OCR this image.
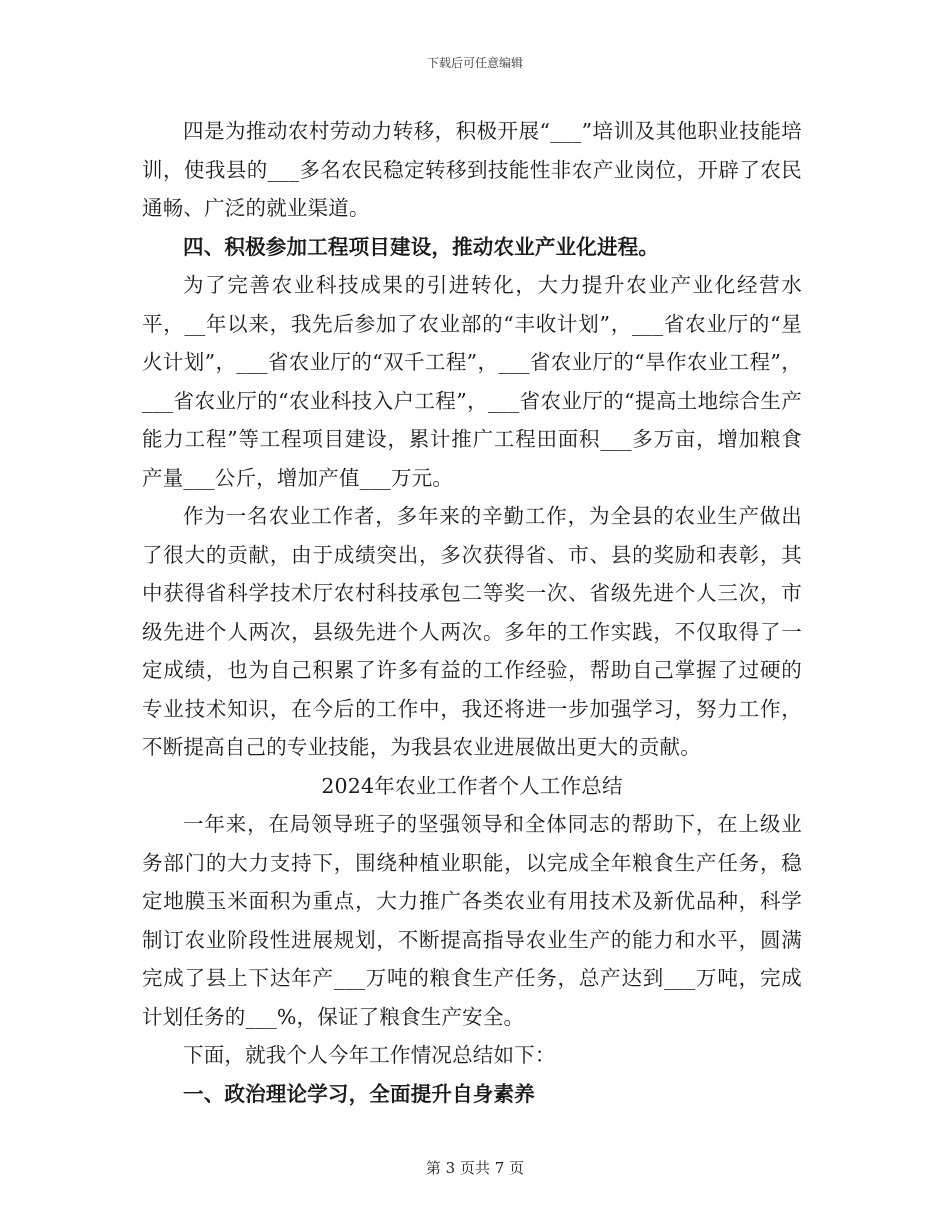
下载后可任意编辑

四是为推动农村劳动力转移，积极开展“___”培训及其他职业技能培训，使我县的___多名农民稳定转移到技能性非农产业岗位，开辟了农民通畅、广泛的就业渠道。

四、积极参加工程项目建设，推动农业产业化进程。

为了完善农业科技成果的引进转化，大力提升农业产业化经营水平，__年以来，我先后参加了农业部的“丰收计划”，___省农业厅的“星火计划”，___省农业厅的“双千工程”，___省农业厅的“旱作农业工程”，___省农业厅的“农业科技入户工程”，___省农业厅的“提高土地综合生产能力工程”等工程项目建设，累计推广工程田面积___多万亩，增加粮食产量___公斤，增加产值___万元。

作为一名农业工作者，多年来的辛勤工作，为全县的农业生产做出了很大的贡献，由于成绩突出，多次获得省、市、县的奖励和表彰，其中获得省科学技术厅农村科技承包二等奖一次、省级先进个人三次，市级先进个人两次，县级先进个人两次。多年的工作实践，不仅取得了一定成绩，也为自己积累了许多有益的工作经验，帮助自己掌握了过硬的专业技术知识，在今后的工作中，我还将进一步加强学习，努力工作，不断提高自己的专业技能，为我县农业进展做出更大的贡献。

2024年农业工作者个人工作总结

一年来，在局领导班子的坚强领导和全体同志的帮助下，在上级业务部门的大力支持下，围绕种植业职能，以完成全年粮食生产任务，稳定地膜玉米面积为重点，大力推广各类农业有用技术及新优品种，科学制订农业阶段性进展规划，不断提高指导农业生产的能力和水平，圆满完成了县上下达年产___万吨的粮食生产任务，总产达到___万吨，完成计划任务的___%，保证了粮食生产安全。

下面，就我个人今年工作情况总结如下：

一、政治理论学习，全面提升自身素养

第 3 页共 7 页
